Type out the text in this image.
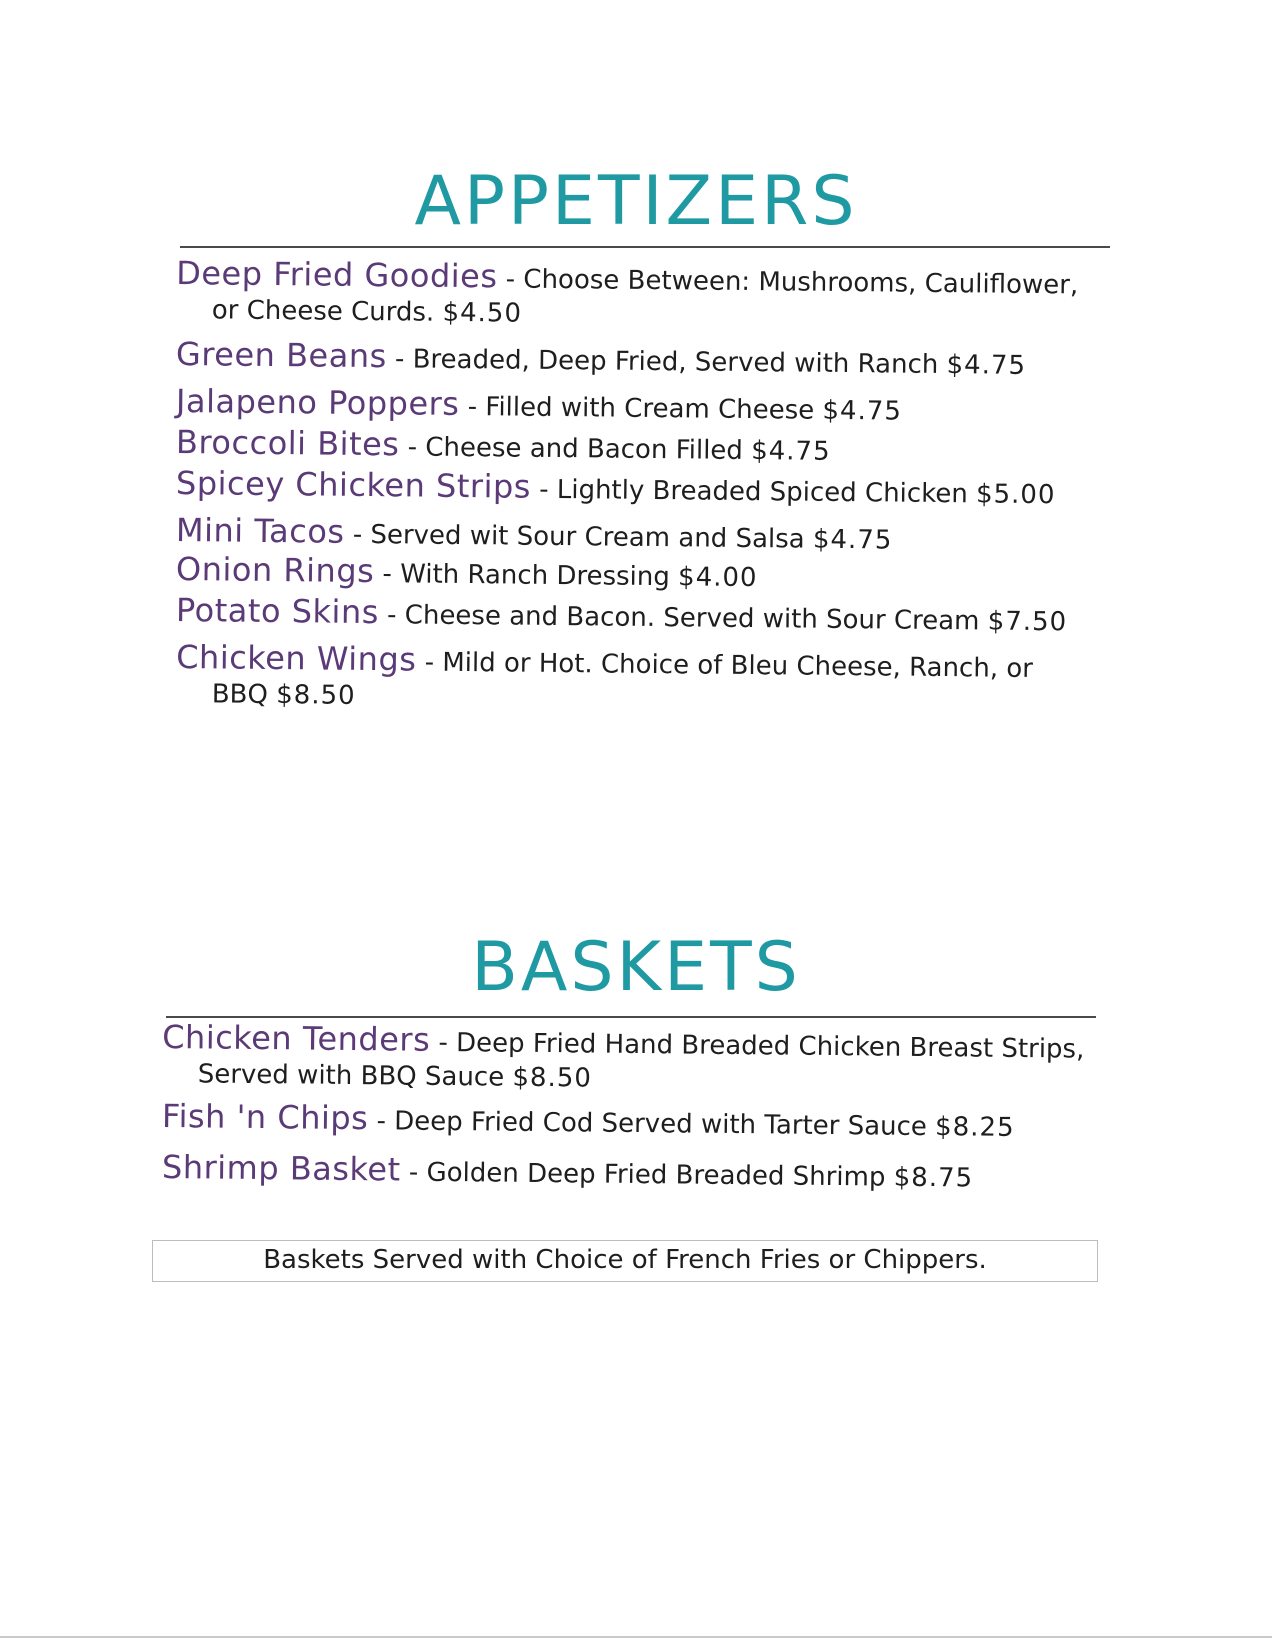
APPETIZERS
Deep Fried Goodies - Choose Between: Mushrooms, Cauliflower, or Cheese Curds. $4.50
Green Beans - Breaded, Deep Fried, Served with Ranch $4.75
Jalapeno Poppers - Filled with Cream Cheese $4.75
Broccoli Bites - Cheese and Bacon Filled $4.75
Spicey Chicken Strips - Lightly Breaded Spiced Chicken $5.00
Mini Tacos - Served wit Sour Cream and Salsa $4.75
Onion Rings - With Ranch Dressing $4.00
Potato Skins - Cheese and Bacon. Served with Sour Cream $7.50
Chicken Wings - Mild or Hot. Choice of Bleu Cheese, Ranch, or BBQ $8.50
BASKETS
Chicken Tenders - Deep Fried Hand Breaded Chicken Breast Strips, Served with BBQ Sauce $8.50
Fish 'n Chips - Deep Fried Cod Served with Tarter Sauce $8.25
Shrimp Basket - Golden Deep Fried Breaded Shrimp $8.75
Baskets Served with Choice of French Fries or Chippers.
